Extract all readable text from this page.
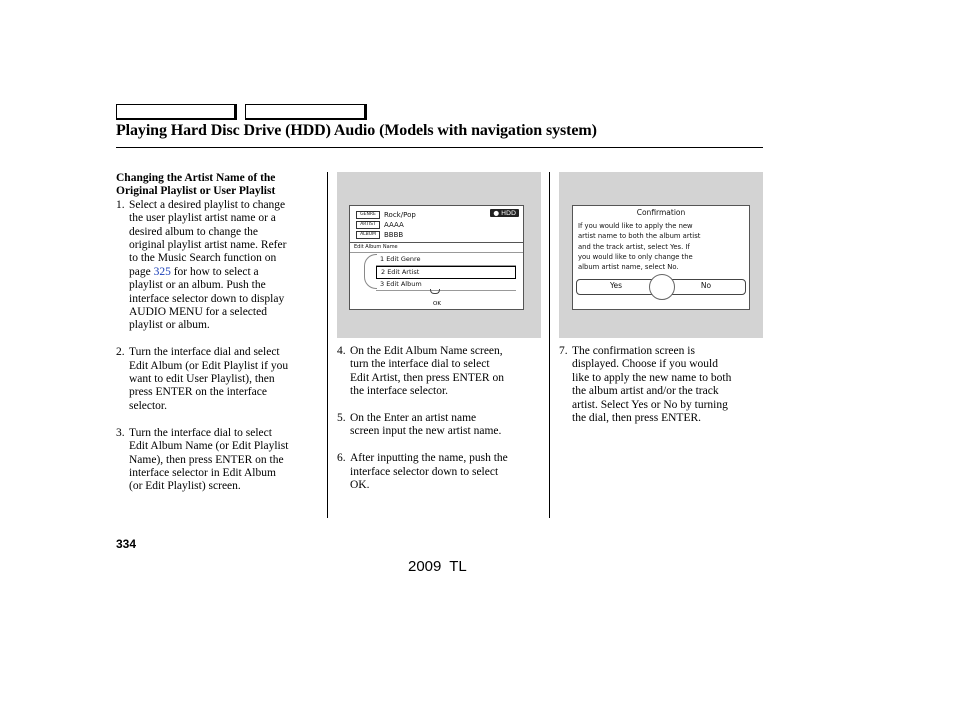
Playing Hard Disc Drive (HDD) Audio (Models with navigation system)

Changing the Artist Name of the

Original Playlist or User Playlist

1. Select a desired playlist to change

the user playlist artist name or a

desired album to change the

original playlist artist name. Refer

to the Music Search function on

page 325 for how to select a

playlist or an album. Push the

interface selector down to display

AUDIO MENU for a selected

playlist or album.

2. Turn the interface dial and select

Edit Album (or Edit Playlist if you

want to edit User Playlist), then

press ENTER on the interface

selector.

3. Turn the interface dial to select

Edit Album Name (or Edit Playlist

Name), then press ENTER on the

interface selector in Edit Album

(or Edit Playlist) screen.

GENRE Rock/Pop
ARTIST AAAA
ALBUM BBBB
● HDD
Edit Album Name
1 Edit Genre
2 Edit Artist
3 Edit Album
OK
Confirmation
If you would like to apply the new
artist name to both the album artist
and the track artist, select Yes. If
you would like to only change the
album artist name, select No.
Yes	No
4. On the Edit Album Name screen,

turn the interface dial to select

Edit Artist, then press ENTER on

the interface selector.

5. On the Enter an artist name

screen input the new artist name.

6. After inputting the name, push the

interface selector down to select

OK.

7. The confirmation screen is

displayed. Choose if you would

like to apply the new name to both

the album artist and/or the track

artist. Select Yes or No by turning

the dial, then press ENTER.

334
2009 TL
